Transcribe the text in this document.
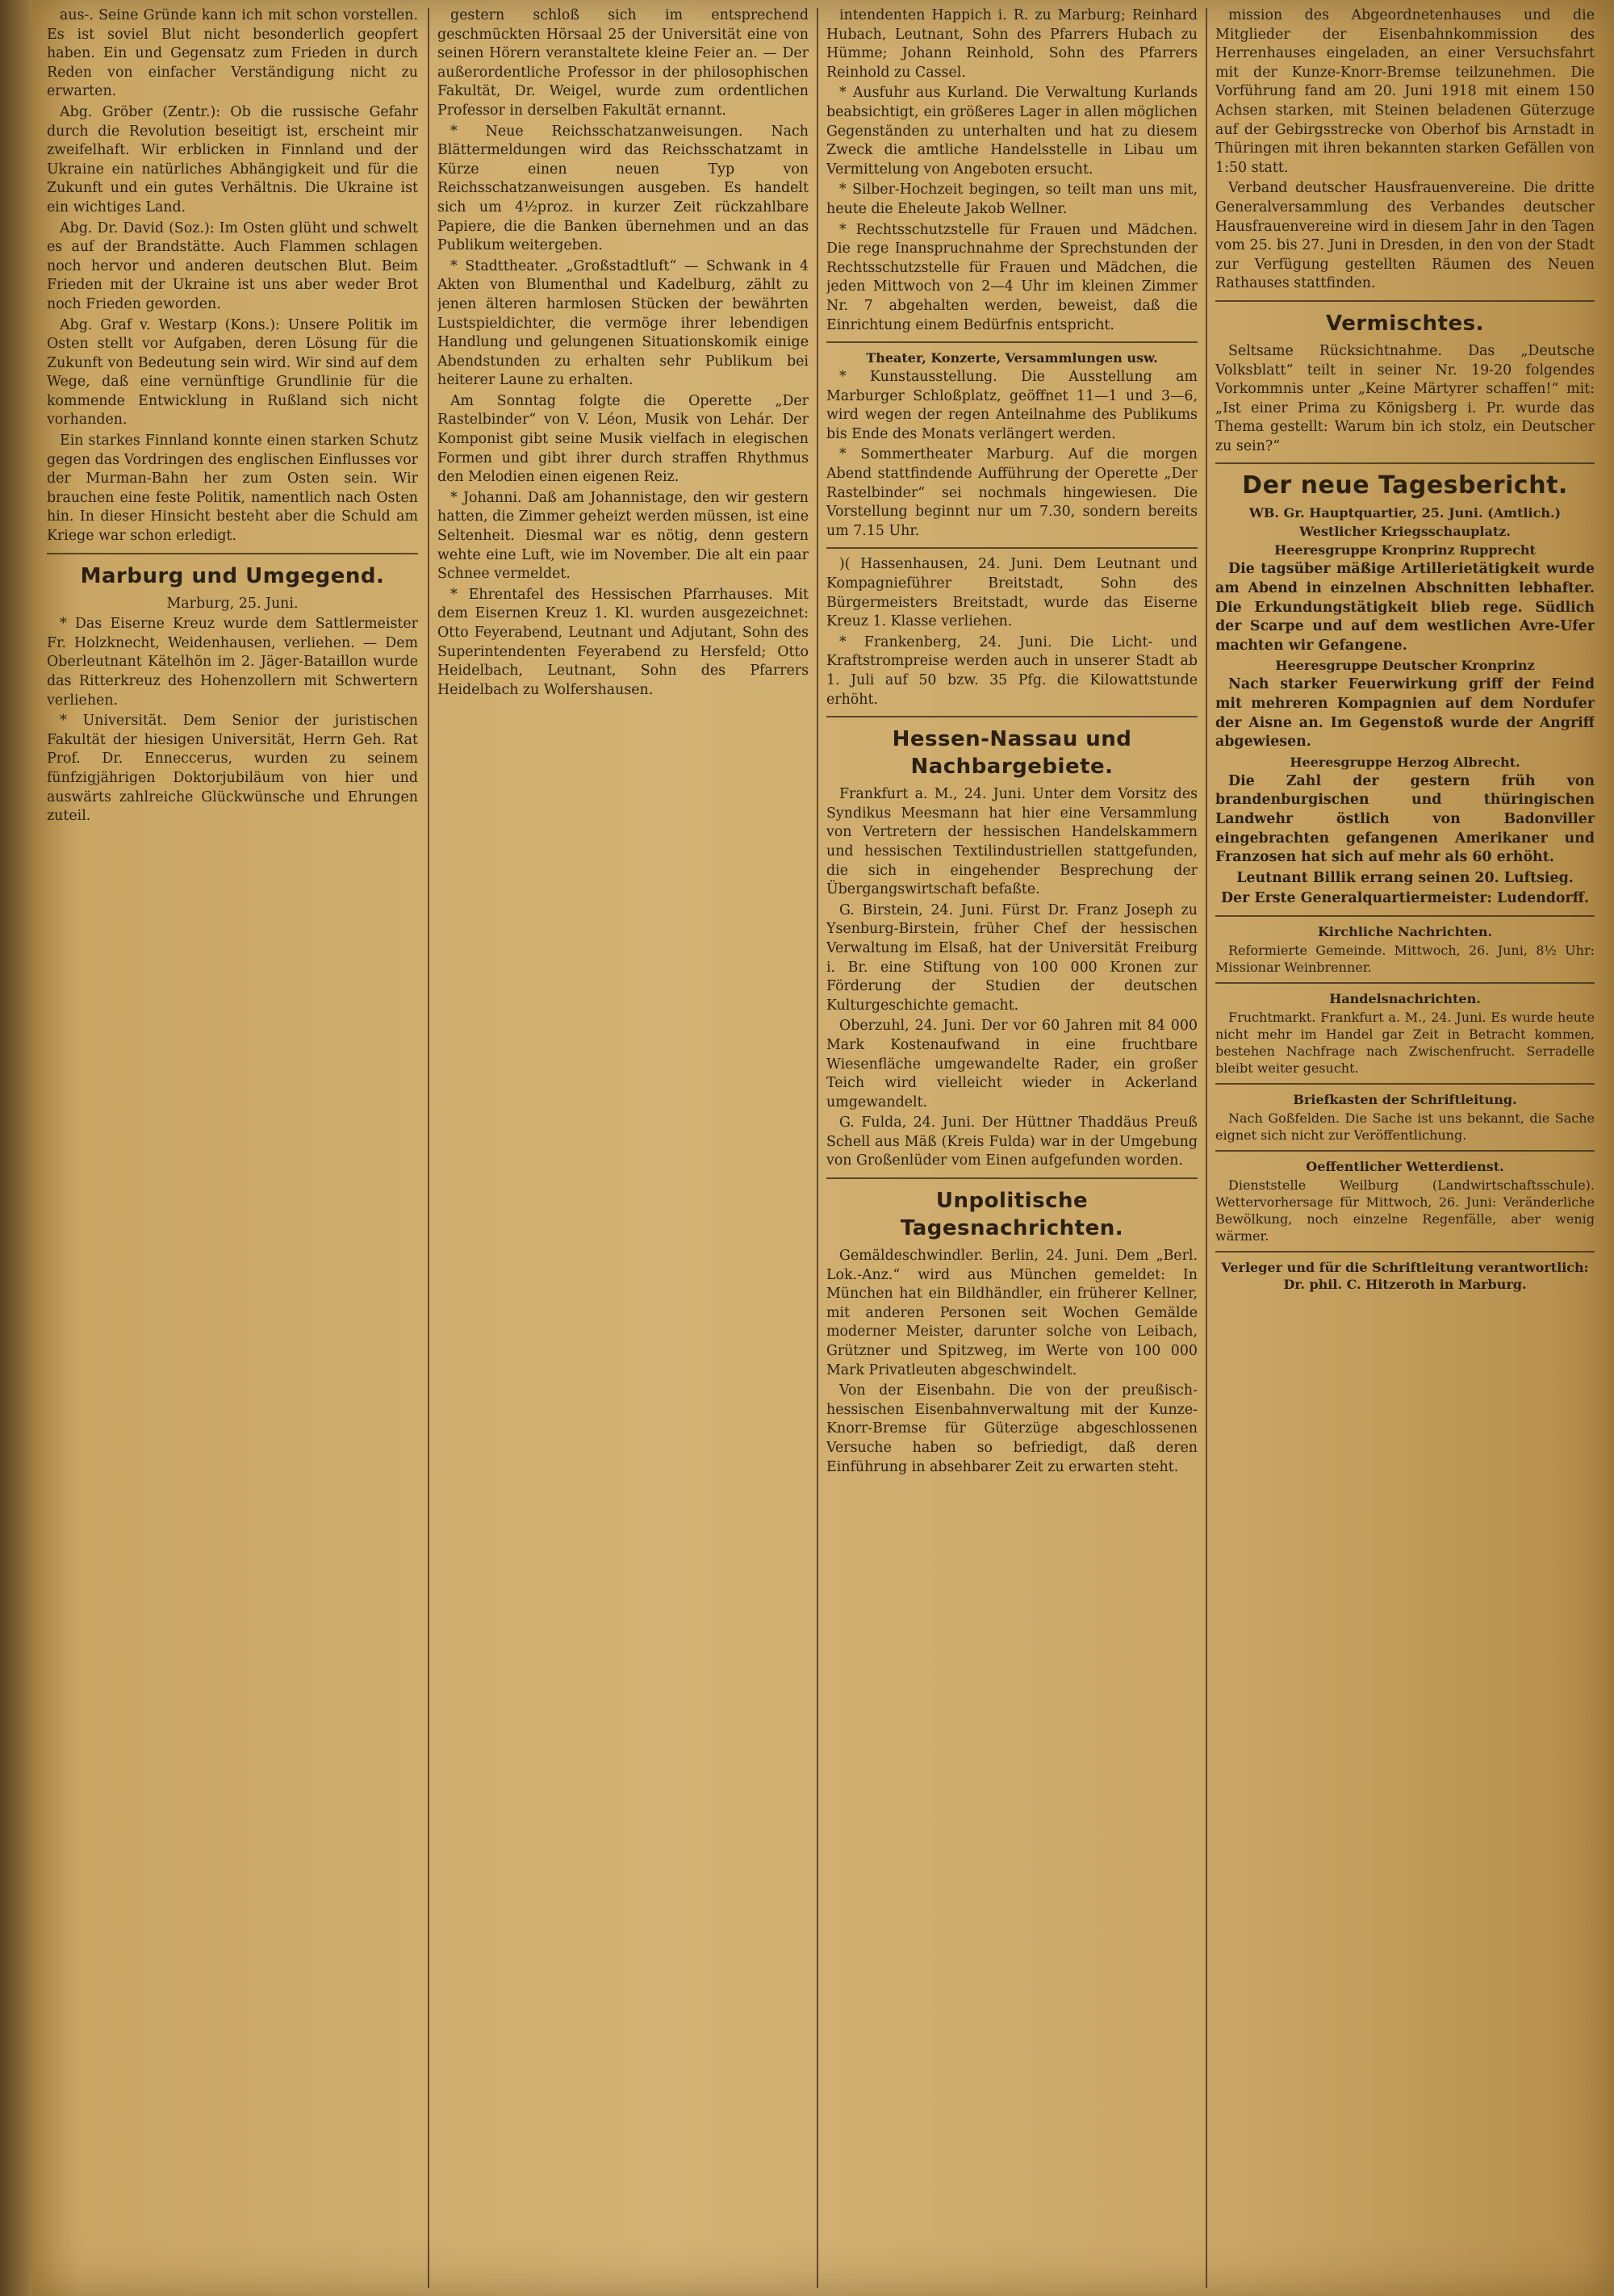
aus-. Seine Gründe kann ich mit schon vorstellen. Es ist soviel Blut nicht besonderlich geopfert haben. Ein und Gegensatz zum Frieden in durch Reden von einfacher Verständigung nicht zu erwarten.

Abg. Gröber (Zentr.): Ob die russische Gefahr durch die Revolution beseitigt ist, erscheint mir zweifelhaft. Wir erblicken in Finnland und der Ukraine ein natürliches Abhängigkeit und für die Zukunft und ein gutes Verhältnis. Die Ukraine ist ein wichtiges Land.

Abg. Dr. David (Soz.): Im Osten glüht und schwelt es auf der Brandstätte. Auch Flammen schlagen noch hervor und anderen deutschen Blut. Beim Frieden mit der Ukraine ist uns aber weder Brot noch Frieden geworden.

Abg. Graf v. Westarp (Kons.): Unsere Politik im Osten stellt vor Aufgaben, deren Lösung für die Zukunft von Bedeutung sein wird. Wir sind auf dem Wege, daß eine vernünftige Grundlinie für die kommende Entwicklung in Rußland sich nicht vorhanden.

Ein starkes Finnland konnte einen starken Schutz gegen das Vordringen des englischen Einflusses vor der Murman-Bahn her zum Osten sein. Wir brauchen eine feste Politik, namentlich nach Osten hin. In dieser Hinsicht besteht aber die Schuld am Kriege war schon erledigt.

Marburg und Umgegend.

Marburg, 25. Juni.

* Das Eiserne Kreuz wurde dem Sattlermeister Fr. Holzknecht, Weidenhausen, verliehen. — Dem Oberleutnant Kätelhön im 2. Jäger-Bataillon wurde das Ritterkreuz des Hohenzollern mit Schwertern verliehen.

* Universität. Dem Senior der juristischen Fakultät der hiesigen Universität, Herrn Geh. Rat Prof. Dr. Enneccerus, wurden zu seinem fünfzigjährigen Doktorjubiläum von hier und auswärts zahlreiche Glückwünsche und Ehrungen zuteil.

gestern schloß sich im entsprechend geschmückten Hörsaal 25 der Universität eine von seinen Hörern veranstaltete kleine Feier an. — Der außerordentliche Professor in der philosophischen Fakultät, Dr. Weigel, wurde zum ordentlichen Professor in derselben Fakultät ernannt.

* Neue Reichsschatzanweisungen. Nach Blättermeldungen wird das Reichsschatzamt in Kürze einen neuen Typ von Reichsschatzanweisungen ausgeben. Es handelt sich um 4½proz. in kurzer Zeit rückzahlbare Papiere, die die Banken übernehmen und an das Publikum weitergeben.

* Stadttheater. „Großstadtluft“ — Schwank in 4 Akten von Blumenthal und Kadelburg, zählt zu jenen älteren harmlosen Stücken der bewährten Lustspieldichter, die vermöge ihrer lebendigen Handlung und gelungenen Situationskomik einige Abendstunden zu erhalten sehr Publikum bei heiterer Laune zu erhalten.

Am Sonntag folgte die Operette „Der Rastelbinder“ von V. Léon, Musik von Lehár. Der Komponist gibt seine Musik vielfach in elegischen Formen und gibt ihrer durch straffen Rhythmus den Melodien einen eigenen Reiz.

* Johanni. Daß am Johannistage, den wir gestern hatten, die Zimmer geheizt werden müssen, ist eine Seltenheit. Diesmal war es nötig, denn gestern wehte eine Luft, wie im November. Die alt ein paar Schnee vermeldet.

* Ehrentafel des Hessischen Pfarrhauses. Mit dem Eisernen Kreuz 1. Kl. wurden ausgezeichnet: Otto Feyerabend, Leutnant und Adjutant, Sohn des Superintendenten Feyerabend zu Hersfeld; Otto Heidelbach, Leutnant, Sohn des Pfarrers Heidelbach zu Wolfershausen.

intendenten Happich i. R. zu Marburg; Reinhard Hubach, Leutnant, Sohn des Pfarrers Hubach zu Hümme; Johann Reinhold, Sohn des Pfarrers Reinhold zu Cassel.

* Ausfuhr aus Kurland. Die Verwaltung Kurlands beabsichtigt, ein größeres Lager in allen möglichen Gegenständen zu unterhalten und hat zu diesem Zweck die amtliche Handelsstelle in Libau um Vermittelung von Angeboten ersucht.

* Silber-Hochzeit begingen, so teilt man uns mit, heute die Eheleute Jakob Wellner.

* Rechtsschutzstelle für Frauen und Mädchen. Die rege Inanspruchnahme der Sprechstunden der Rechtsschutzstelle für Frauen und Mädchen, die jeden Mittwoch von 2—4 Uhr im kleinen Zimmer Nr. 7 abgehalten werden, beweist, daß die Einrichtung einem Bedürfnis entspricht.

Theater, Konzerte, Versammlungen usw.

* Kunstausstellung. Die Ausstellung am Marburger Schloßplatz, geöffnet 11—1 und 3—6, wird wegen der regen Anteilnahme des Publikums bis Ende des Monats verlängert werden.

* Sommertheater Marburg. Auf die morgen Abend stattfindende Aufführung der Operette „Der Rastelbinder“ sei nochmals hingewiesen. Die Vorstellung beginnt nur um 7.30, sondern bereits um 7.15 Uhr.

)( Hassenhausen, 24. Juni. Dem Leutnant und Kompagnieführer Breitstadt, Sohn des Bürgermeisters Breitstadt, wurde das Eiserne Kreuz 1. Klasse verliehen.

* Frankenberg, 24. Juni. Die Licht- und Kraftstrompreise werden auch in unserer Stadt ab 1. Juli auf 50 bzw. 35 Pfg. die Kilowattstunde erhöht.

Hessen-Nassau und Nachbargebiete.

Frankfurt a. M., 24. Juni. Unter dem Vorsitz des Syndikus Meesmann hat hier eine Versammlung von Vertretern der hessischen Handelskammern und hessischen Textilindustriellen stattgefunden, die sich in eingehender Besprechung der Übergangswirtschaft befaßte.

G. Birstein, 24. Juni. Fürst Dr. Franz Joseph zu Ysenburg-Birstein, früher Chef der hessischen Verwaltung im Elsaß, hat der Universität Freiburg i. Br. eine Stiftung von 100 000 Kronen zur Förderung der Studien der deutschen Kulturgeschichte gemacht.

Oberzuhl, 24. Juni. Der vor 60 Jahren mit 84 000 Mark Kostenaufwand in eine fruchtbare Wiesenfläche umgewandelte Rader, ein großer Teich wird vielleicht wieder in Ackerland umgewandelt.

G. Fulda, 24. Juni. Der Hüttner Thaddäus Preuß Schell aus Mäß (Kreis Fulda) war in der Umgebung von Großenlüder vom Einen aufgefunden worden.

Unpolitische Tagesnachrichten.

Gemäldeschwindler. Berlin, 24. Juni. Dem „Berl. Lok.-Anz.“ wird aus München gemeldet: In München hat ein Bildhändler, ein früherer Kellner, mit anderen Personen seit Wochen Gemälde moderner Meister, darunter solche von Leibach, Grützner und Spitzweg, im Werte von 100 000 Mark Privatleuten abgeschwindelt.

Von der Eisenbahn. Die von der preußisch-hessischen Eisenbahnverwaltung mit der Kunze-Knorr-Bremse für Güterzüge abgeschlossenen Versuche haben so befriedigt, daß deren Einführung in absehbarer Zeit zu erwarten steht.

mission des Abgeordnetenhauses und die Mitglieder der Eisenbahnkommission des Herrenhauses eingeladen, an einer Versuchsfahrt mit der Kunze-Knorr-Bremse teilzunehmen. Die Vorführung fand am 20. Juni 1918 mit einem 150 Achsen starken, mit Steinen beladenen Güterzuge auf der Gebirgsstrecke von Oberhof bis Arnstadt in Thüringen mit ihren bekannten starken Gefällen von 1:50 statt.

Verband deutscher Hausfrauenvereine. Die dritte Generalversammlung des Verbandes deutscher Hausfrauenvereine wird in diesem Jahr in den Tagen vom 25. bis 27. Juni in Dresden, in den von der Stadt zur Verfügung gestellten Räumen des Neuen Rathauses stattfinden.

Vermischtes.

Seltsame Rücksichtnahme. Das „Deutsche Volksblatt“ teilt in seiner Nr. 19-20 folgendes Vorkommnis unter „Keine Märtyrer schaffen!“ mit: „Ist einer Prima zu Königsberg i. Pr. wurde das Thema gestellt: Warum bin ich stolz, ein Deutscher zu sein?“

Der neue Tagesbericht.

WB. Gr. Hauptquartier, 25. Juni. (Amtlich.)

Westlicher Kriegsschauplatz.

Heeresgruppe Kronprinz Rupprecht

Die tagsüber mäßige Artillerietätigkeit wurde am Abend in einzelnen Abschnitten lebhafter. Die Erkundungstätigkeit blieb rege. Südlich der Scarpe und auf dem westlichen Avre-Ufer machten wir Gefangene.

Heeresgruppe Deutscher Kronprinz

Nach starker Feuerwirkung griff der Feind mit mehreren Kompagnien auf dem Nordufer der Aisne an. Im Gegenstoß wurde der Angriff abgewiesen.

Heeresgruppe Herzog Albrecht.

Die Zahl der gestern früh von brandenburgischen und thüringischen Landwehr östlich von Badonviller eingebrachten gefangenen Amerikaner und Franzosen hat sich auf mehr als 60 erhöht.

Leutnant Billik errang seinen 20. Luftsieg.

Der Erste Generalquartiermeister: Ludendorff.

Kirchliche Nachrichten.

Reformierte Gemeinde. Mittwoch, 26. Juni, 8½ Uhr: Missionar Weinbrenner.

Handelsnachrichten.

Fruchtmarkt. Frankfurt a. M., 24. Juni. Es wurde heute nicht mehr im Handel gar Zeit in Betracht kommen, bestehen Nachfrage nach Zwischenfrucht. Serradelle bleibt weiter gesucht.

Briefkasten der Schriftleitung.

Nach Goßfelden. Die Sache ist uns bekannt, die Sache eignet sich nicht zur Veröffentlichung.

Oeffentlicher Wetterdienst.

Dienststelle Weilburg (Landwirtschaftsschule). Wettervorhersage für Mittwoch, 26. Juni: Veränderliche Bewölkung, noch einzelne Regenfälle, aber wenig wärmer.

Verleger und für die Schriftleitung verantwortlich: Dr. phil. C. Hitzeroth in Marburg.
